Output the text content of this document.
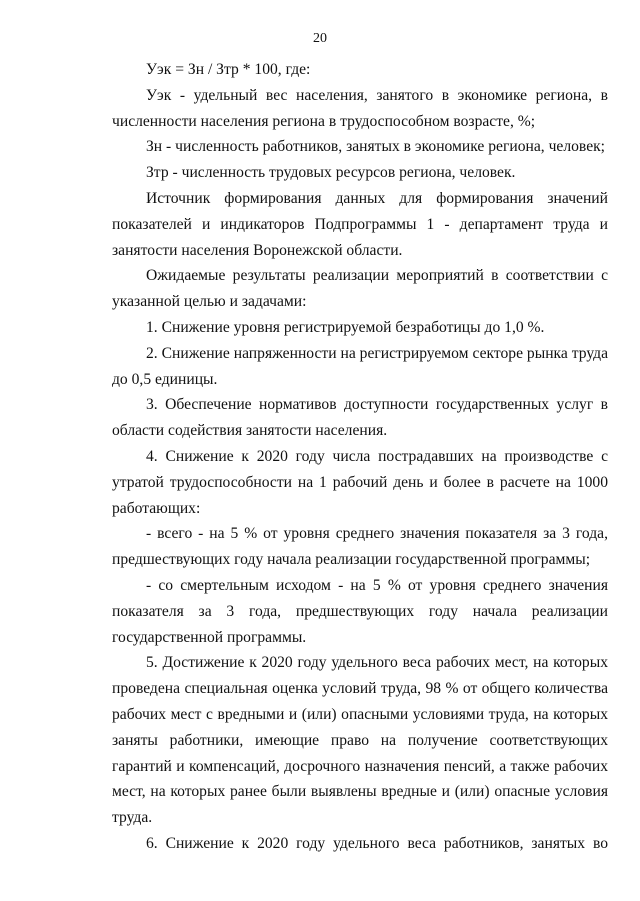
20

Уэк = Зн / Зтр * 100, где:

Уэк - удельный вес населения, занятого в экономике региона, в численности населения региона в трудоспособном возрасте, %;

Зн - численность работников, занятых в экономике региона, человек;

Зтр - численность трудовых ресурсов региона, человек.

Источник формирования данных для формирования значений показателей и индикаторов Подпрограммы 1 - департамент труда и занятости населения Воронежской области.

Ожидаемые результаты реализации мероприятий в соответствии с указанной целью и задачами:

1. Снижение уровня регистрируемой безработицы до 1,0 %.

2. Снижение напряженности на регистрируемом секторе рынка труда до 0,5 единицы.

3. Обеспечение нормативов доступности государственных услуг в области содействия занятости населения.

4. Снижение к 2020 году числа пострадавших на производстве с утратой трудоспособности на 1 рабочий день и более в расчете на 1000 работающих:

- всего - на 5 % от уровня среднего значения показателя за 3 года, предшествующих году начала реализации государственной программы;

- со смертельным исходом - на 5 % от уровня среднего значения показателя за 3 года, предшествующих году начала реализации государственной программы.

5. Достижение к 2020 году удельного веса рабочих мест, на которых проведена специальная оценка условий труда, 98 % от общего количества рабочих мест с вредными и (или) опасными условиями труда, на которых заняты работники, имеющие право на получение соответствующих гарантий и компенсаций, досрочного назначения пенсий, а также рабочих мест, на которых ранее были выявлены вредные и (или) опасные условия труда.

6. Снижение к 2020 году удельного веса работников, занятых во
